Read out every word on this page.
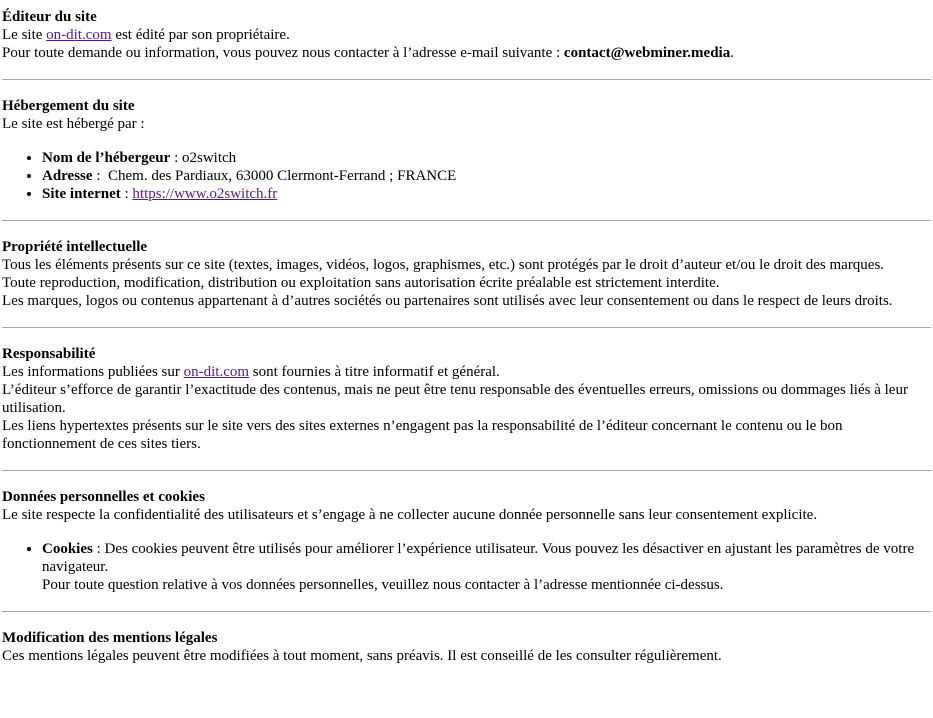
Éditeur du site

Le site on-dit.com est édité par son propriétaire.

Pour toute demande ou information, vous pouvez nous contacter à l’adresse e-mail suivante : contact@webminer.media.

Hébergement du site

Le site est hébergé par :

• Nom de l’hébergeur : o2switch
• Adresse :  Chem. des Pardiaux, 63000 Clermont-Ferrand ; FRANCE
• Site internet : https://www.o2switch.fr
Propriété intellectuelle

Tous les éléments présents sur ce site (textes, images, vidéos, logos, graphismes, etc.) sont protégés par le droit d’auteur et/ou le droit des marques.

Toute reproduction, modification, distribution ou exploitation sans autorisation écrite préalable est strictement interdite.

Les marques, logos ou contenus appartenant à d’autres sociétés ou partenaires sont utilisés avec leur consentement ou dans le respect de leurs droits.

Responsabilité

Les informations publiées sur on-dit.com sont fournies à titre informatif et général.

L’éditeur s’efforce de garantir l’exactitude des contenus, mais ne peut être tenu responsable des éventuelles erreurs, omissions ou dommages liés à leur utilisation.

Les liens hypertextes présents sur le site vers des sites externes n’engagent pas la responsabilité de l’éditeur concernant le contenu ou le bon fonctionnement de ces sites tiers.

Données personnelles et cookies

Le site respecte la confidentialité des utilisateurs et s’engage à ne collecter aucune donnée personnelle sans leur consentement explicite.

• Cookies : Des cookies peuvent être utilisés pour améliorer l’expérience utilisateur. Vous pouvez les désactiver en ajustant les paramètres de votre navigateur.
Pour toute question relative à vos données personnelles, veuillez nous contacter à l’adresse mentionnée ci-dessus.
Modification des mentions légales

Ces mentions légales peuvent être modifiées à tout moment, sans préavis. Il est conseillé de les consulter régulièrement.
